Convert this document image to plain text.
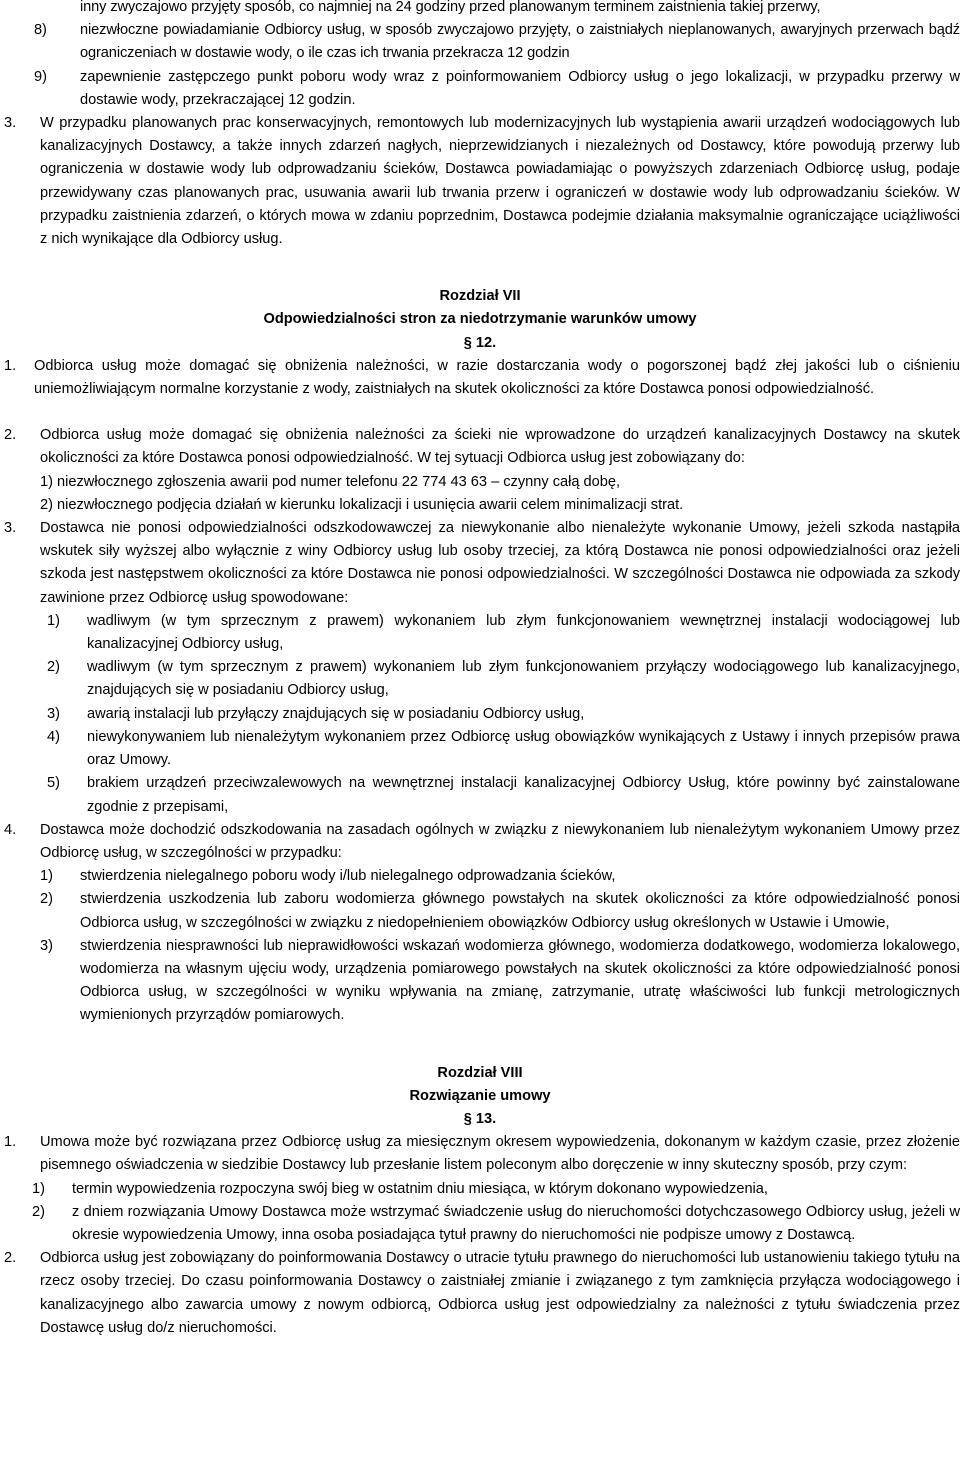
inny zwyczajowo przyjęty sposób, co najmniej na 24 godziny przed planowanym terminem zaistnienia takiej przerwy,

8) niezwłoczne powiadamianie Odbiorcy usług, w sposób zwyczajowo przyjęty, o zaistniałych nieplanowanych, awaryjnych przerwach bądź ograniczeniach w dostawie wody, o ile czas ich trwania przekracza 12 godzin
9) zapewnienie zastępczego punkt poboru wody wraz z poinformowaniem Odbiorcy usług o jego lokalizacji, w przypadku przerwy w dostawie wody, przekraczającej 12 godzin.
3. W przypadku planowanych prac konserwacyjnych, remontowych lub modernizacyjnych lub wystąpienia awarii urządzeń wodociągowych lub kanalizacyjnych Dostawcy, a także innych zdarzeń nagłych, nieprzewidzianych i niezależnych od Dostawcy, które powodują przerwy lub ograniczenia w dostawie wody lub odprowadzaniu ścieków, Dostawca powiadamiając o powyższych zdarzeniach Odbiorcę usług, podaje przewidywany czas planowanych prac, usuwania awarii lub trwania przerw i ograniczeń w dostawie wody lub odprowadzaniu ścieków. W przypadku zaistnienia zdarzeń, o których mowa w zdaniu poprzednim, Dostawca podejmie działania maksymalnie ograniczające uciążliwości z nich wynikające dla Odbiorcy usług.

Rozdział VII

Odpowiedzialności stron za niedotrzymanie warunków umowy

§ 12.

1. Odbiorca usług może domagać się obniżenia należności, w razie dostarczania wody o pogorszonej bądź złej jakości lub o ciśnieniu uniemożliwiającym normalne korzystanie z wody, zaistniałych na skutek okoliczności za które Dostawca ponosi odpowiedzialność.
2. Odbiorca usług może domagać się obniżenia należności za ścieki nie wprowadzone do urządzeń kanalizacyjnych Dostawcy na skutek okoliczności za które Dostawca ponosi odpowiedzialność. W tej sytuacji Odbiorca usług jest zobowiązany do:

1) niezwłocznego zgłoszenia awarii pod numer telefonu 22 774 43 63 – czynny całą dobę,

2) niezwłocznego podjęcia działań w kierunku lokalizacji i usunięcia awarii celem minimalizacji strat.

3. Dostawca nie ponosi odpowiedzialności odszkodowawczej za niewykonanie albo nienależyte wykonanie Umowy, jeżeli szkoda nastąpiła wskutek siły wyższej albo wyłącznie z winy Odbiorcy usług lub osoby trzeciej, za którą Dostawca nie ponosi odpowiedzialności oraz jeżeli szkoda jest następstwem okoliczności za które Dostawca nie ponosi odpowiedzialności. W szczególności Dostawca nie odpowiada za szkody zawinione przez Odbiorcę usług spowodowane:
1) wadliwym (w tym sprzecznym z prawem) wykonaniem lub złym funkcjonowaniem wewnętrznej instalacji wodociągowej lub kanalizacyjnej Odbiorcy usług,
2) wadliwym (w tym sprzecznym z prawem) wykonaniem lub złym funkcjonowaniem przyłączy wodociągowego lub kanalizacyjnego, znajdujących się w posiadaniu Odbiorcy usług,
3) awarią instalacji lub przyłączy znajdujących się w posiadaniu Odbiorcy usług,
4) niewykonywaniem lub nienależytym wykonaniem przez Odbiorcę usług obowiązków wynikających z Ustawy i innych przepisów prawa oraz Umowy.
5) brakiem urządzeń przeciwzalewowych na wewnętrznej instalacji kanalizacyjnej Odbiorcy Usług, które powinny być zainstalowane zgodnie z przepisami,
4. Dostawca może dochodzić odszkodowania na zasadach ogólnych w związku z niewykonaniem lub nienależytym wykonaniem Umowy przez Odbiorcę usług, w szczególności w przypadku:
1) stwierdzenia nielegalnego poboru wody i/lub nielegalnego odprowadzania ścieków,
2) stwierdzenia uszkodzenia lub zaboru wodomierza głównego powstałych na skutek okoliczności za które odpowiedzialność ponosi Odbiorca usług, w szczególności w związku z niedopełnieniem obowiązków Odbiorcy usług określonych w Ustawie i Umowie,
3) stwierdzenia niesprawności lub nieprawidłowości wskazań wodomierza głównego, wodomierza dodatkowego, wodomierza lokalowego, wodomierza na własnym ujęciu wody, urządzenia pomiarowego powstałych na skutek okoliczności za które odpowiedzialność ponosi Odbiorca usług, w szczególności w wyniku wpływania na zmianę, zatrzymanie, utratę właściwości lub funkcji metrologicznych wymienionych przyrządów pomiarowych.

Rozdział VIII

Rozwiązanie umowy

§ 13.

1. Umowa może być rozwiązana przez Odbiorcę usług za miesięcznym okresem wypowiedzenia, dokonanym w każdym czasie, przez złożenie pisemnego oświadczenia w siedzibie Dostawcy lub przesłanie listem poleconym albo doręczenie w inny skuteczny sposób, przy czym:
1) termin wypowiedzenia rozpoczyna swój bieg w ostatnim dniu miesiąca, w którym dokonano wypowiedzenia,
2) z dniem rozwiązania Umowy Dostawca może wstrzymać świadczenie usług do nieruchomości dotychczasowego Odbiorcy usług, jeżeli w okresie wypowiedzenia Umowy, inna osoba posiadająca tytuł prawny do nieruchomości nie podpisze umowy z Dostawcą.
2. Odbiorca usług jest zobowiązany do poinformowania Dostawcy o utracie tytułu prawnego do nieruchomości lub ustanowieniu takiego tytułu na rzecz osoby trzeciej. Do czasu poinformowania Dostawcy o zaistniałej zmianie i związanego z tym zamknięcia przyłącza wodociągowego i kanalizacyjnego albo zawarcia umowy z nowym odbiorcą, Odbiorca usług jest odpowiedzialny za należności z tytułu świadczenia przez Dostawcę usług do/z nieruchomości.
